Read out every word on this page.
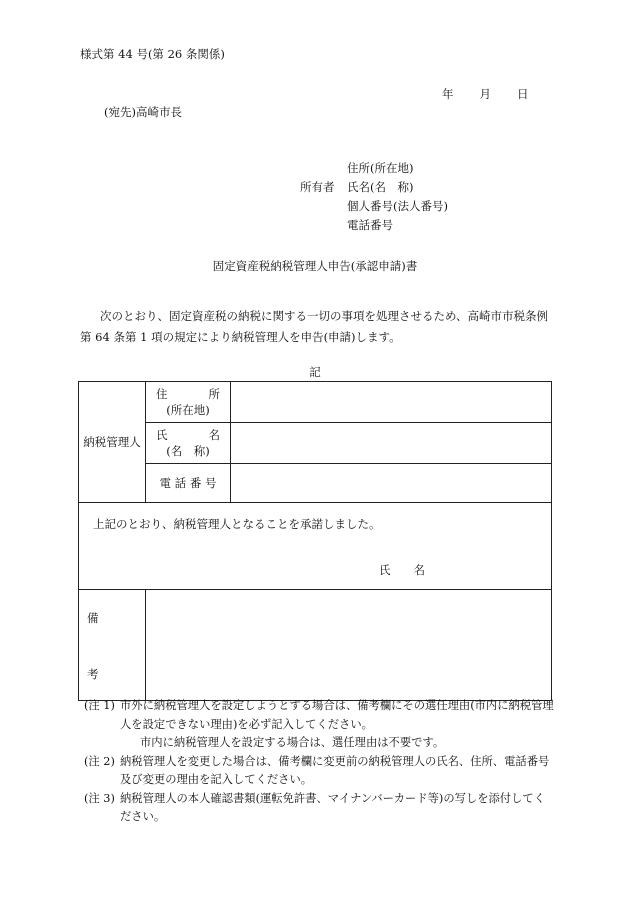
様式第 44 号(第 26 条関係)
年 月 日
(宛先)高崎市長
住所(所在地)
所有者	氏名(名　称)
個人番号(法人番号)
電話番号
固定資産税納税管理人申告(承認申請)書
次のとおり、固定資産税の納税に関する一切の事項を処理させるため、高崎市市税条例第 64 条第 1 項の規定により納税管理人を申告(申請)します。
記
納税管理人	住 所
(所在地)	

	氏 名
(名　称)	

	電 話 番 号	

上記のとおり、納税管理人となることを承諾しました。
氏　　名		

備
考		

(注 1) 市外に納税管理人を設定しようとする場合は、備考欄にその選任理由(市内に納税管理人を設定できない理由)を必ず記入してください。
市内に納税管理人を設定する場合は、選任理由は不要です。
(注 2) 納税管理人を変更した場合は、備考欄に変更前の納税管理人の氏名、住所、電話番号及び変更の理由を記入してください。
(注 3) 納税管理人の本人確認書類(運転免許書、マイナンバーカード等)の写しを添付してください。
